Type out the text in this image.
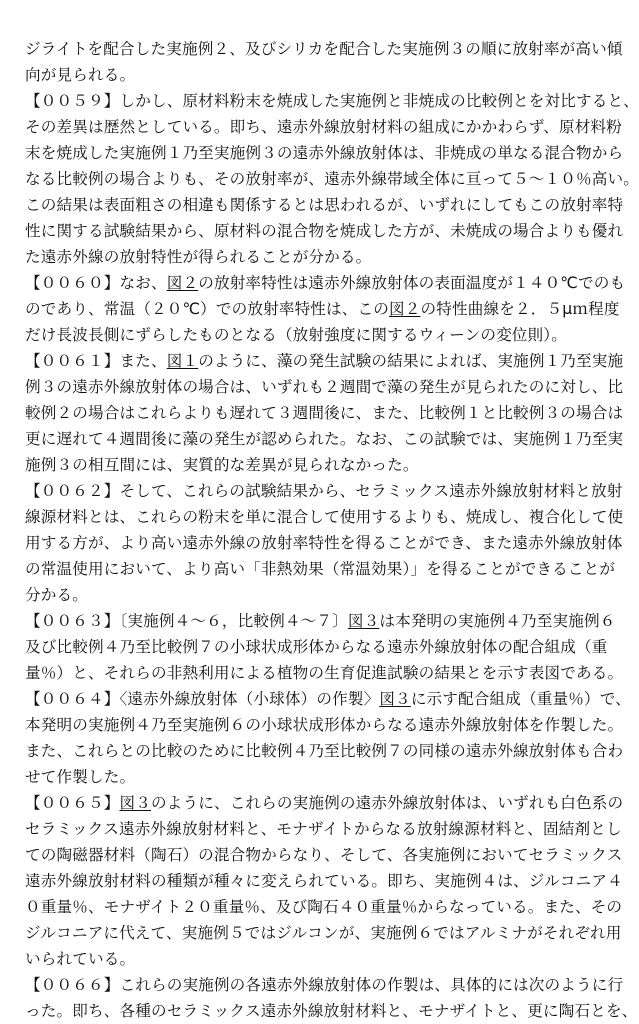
ジライトを配合した実施例２、及びシリカを配合した実施例３の順に放射率が高い傾
向が見られる。
【００５９】しかし、原材料粉末を焼成した実施例と非焼成の比較例とを対比すると、
その差異は歴然としている。即ち、遠赤外線放射材料の組成にかかわらず、原材料粉
末を焼成した実施例１乃至実施例３の遠赤外線放射体は、非焼成の単なる混合物から
なる比較例の場合よりも、その放射率が、遠赤外線帯域全体に亘って５～１０％高い。
この結果は表面粗さの相違も関係するとは思われるが、いずれにしてもこの放射率特
性に関する試験結果から、原材料の混合物を焼成した方が、未焼成の場合よりも優れ
た遠赤外線の放射特性が得られることが分かる。
【００６０】なお、図２の放射率特性は遠赤外線放射体の表面温度が１４０℃でのも
のであり、常温（２０℃）での放射率特性は、この図２の特性曲線を２．５μｍ程度
だけ長波長側にずらしたものとなる（放射強度に関するウィーンの変位則）。
【００６１】また、図１のように、藻の発生試験の結果によれば、実施例１乃至実施
例３の遠赤外線放射体の場合は、いずれも２週間で藻の発生が見られたのに対し、比
較例２の場合はこれらよりも遅れて３週間後に、また、比較例１と比較例３の場合は
更に遅れて４週間後に藻の発生が認められた。なお、この試験では、実施例１乃至実
施例３の相互間には、実質的な差異が見られなかった。
【００６２】そして、これらの試験結果から、セラミックス遠赤外線放射材料と放射
線源材料とは、これらの粉末を単に混合して使用するよりも、焼成し、複合化して使
用する方が、より高い遠赤外線の放射率特性を得ることができ、また遠赤外線放射体
の常温使用において、より高い「非熱効果（常温効果）」を得ることができることが
分かる。
【００６３】〔実施例４～６，比較例４～７〕図３は本発明の実施例４乃至実施例６
及び比較例４乃至比較例７の小球状成形体からなる遠赤外線放射体の配合組成（重
量％）と、それらの非熱利用による植物の生育促進試験の結果とを示す表図である。
【００６４】〈遠赤外線放射体（小球体）の作製〉図３に示す配合組成（重量％）で、
本発明の実施例４乃至実施例６の小球状成形体からなる遠赤外線放射体を作製した。
また、これらとの比較のために比較例４乃至比較例７の同様の遠赤外線放射体も合わ
せて作製した。
【００６５】図３のように、これらの実施例の遠赤外線放射体は、いずれも白色系の
セラミックス遠赤外線放射材料と、モナザイトからなる放射線源材料と、固結剤とし
ての陶磁器材料（陶石）の混合物からなり、そして、各実施例においてセラミックス
遠赤外線放射材料の種類が種々に変えられている。即ち、実施例４は、ジルコニア４
０重量％、モナザイト２０重量％、及び陶石４０重量％からなっている。また、その
ジルコニアに代えて、実施例５ではジルコンが、実施例６ではアルミナがそれぞれ用
いられている。
【００６６】これらの実施例の各遠赤外線放射体の作製は、具体的には次のように行
った。即ち、各種のセラミックス遠赤外線放射材料と、モナザイトと、更に陶石とを、
